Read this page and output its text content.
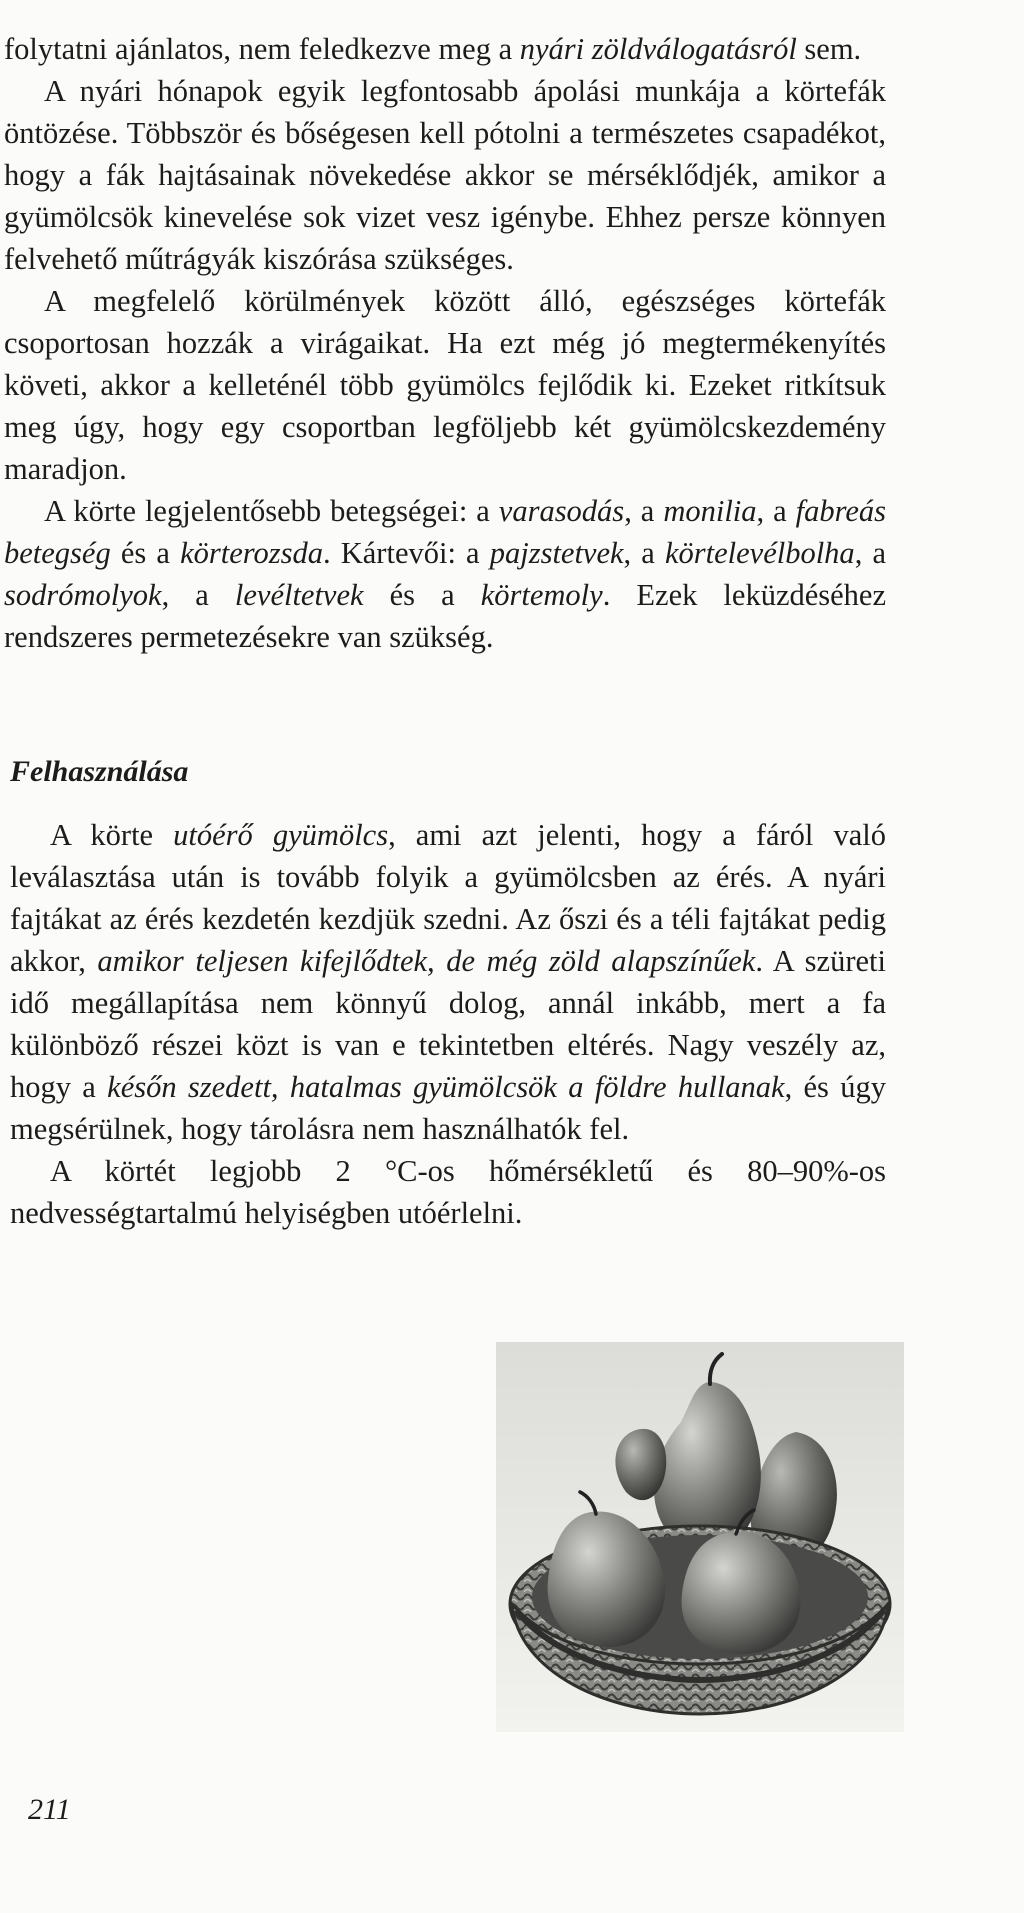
folytatni ajánlatos, nem feledkezve meg a nyári zöldválogatásról sem.

A nyári hónapok egyik legfontosabb ápolási munkája a körtefák öntözése. Többször és bőségesen kell pótolni a természetes csapadékot, hogy a fák hajtásainak növekedése akkor se mérséklődjék, amikor a gyümölcsök kinevelése sok vizet vesz igénybe. Ehhez persze könnyen felvehető műtrágyák kiszórása szükséges.

A megfelelő körülmények között álló, egészséges körtefák csoportosan hozzák a virágaikat. Ha ezt még jó megtermékenyítés követi, akkor a kelleténél több gyümölcs fejlődik ki. Ezeket ritkítsuk meg úgy, hogy egy csoportban legföljebb két gyümölcskezdemény maradjon.

A körte legjelentősebb betegségei: a varasodás, a monilia, a fabreás betegség és a körterozsda. Kártevői: a pajzstetvek, a körtelevélbolha, a sodrómolyok, a levéltetvek és a körtemoly. Ezek leküzdéséhez rendszeres permetezésekre van szükség.

Felhasználása

A körte utóérő gyümölcs, ami azt jelenti, hogy a fáról való leválasztása után is tovább folyik a gyümölcsben az érés. A nyári fajtákat az érés kezdetén kezdjük szedni. Az őszi és a téli fajtákat pedig akkor, amikor teljesen kifejlődtek, de még zöld alapszínűek. A szüreti idő megállapítása nem könnyű dolog, annál inkább, mert a fa különböző részei közt is van e tekintetben eltérés. Nagy veszély az, hogy a későn szedett, hatalmas gyümölcsök a földre hullanak, és úgy megsérülnek, hogy tárolásra nem használhatók fel.

A körtét legjobb 2 °C-os hőmérsékletű és 80–90%-os nedvességtartalmú helyiségben utóérlelni.

211
